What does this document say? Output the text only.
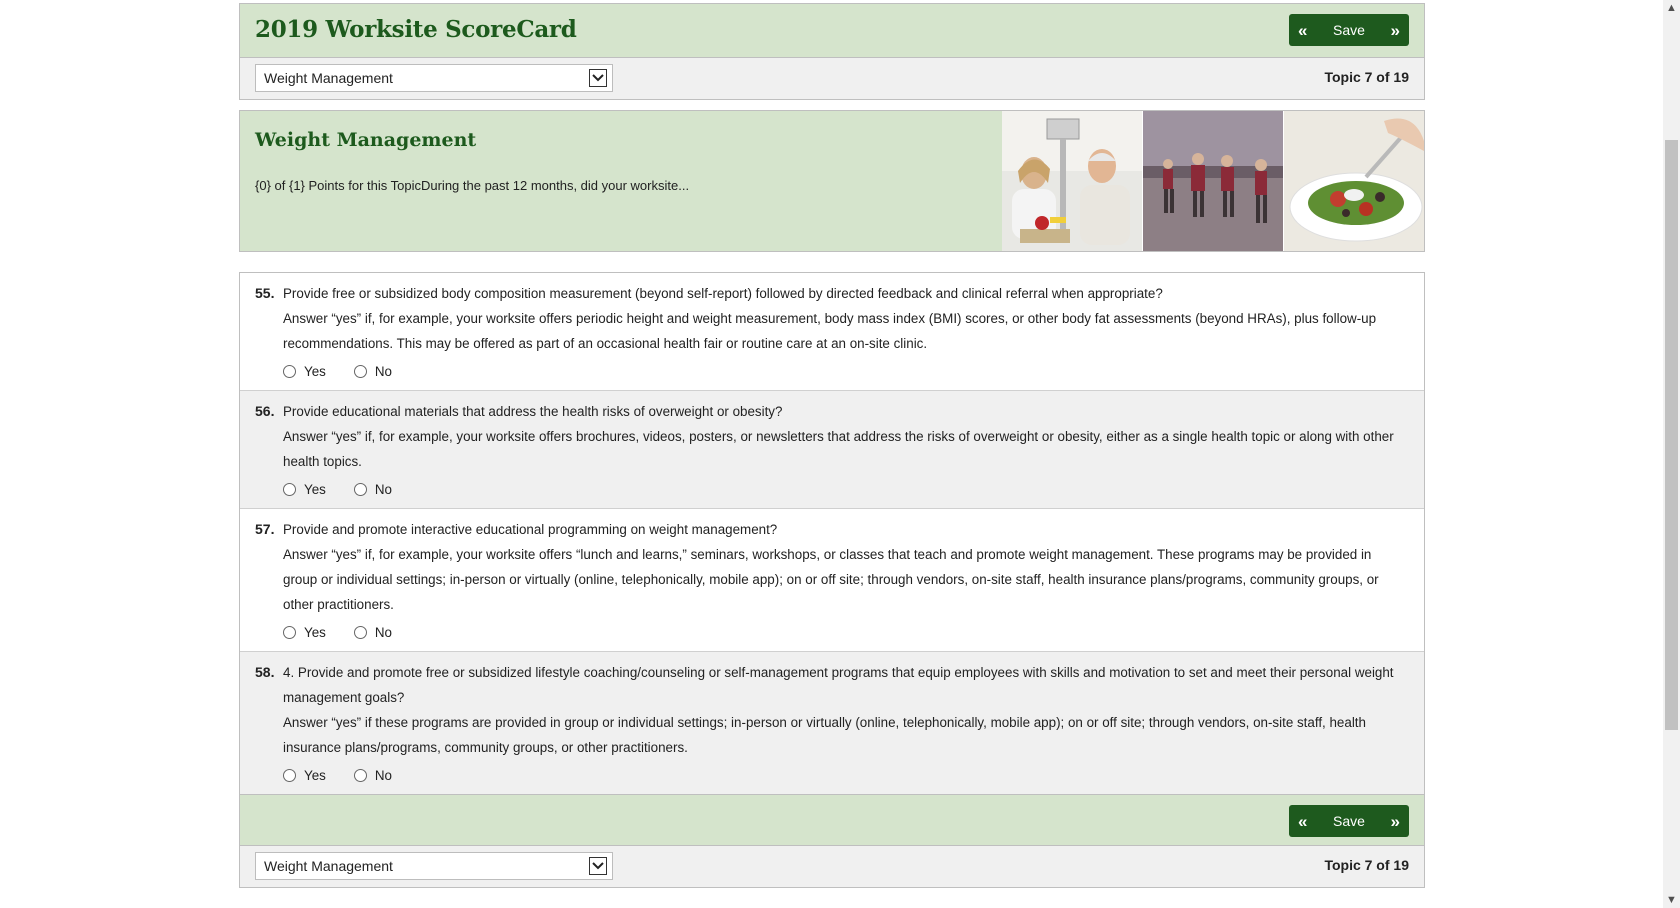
2019 Worksite ScoreCard	« Save »
Weight Management	Topic 7 of 19
Weight Management
{0} of {1} Points for this TopicDuring the past 12 months, did your worksite...
55. Provide free or subsidized body composition measurement (beyond self-report) followed by directed feedback and clinical referral when appropriate?
Answer “yes” if, for example, your worksite offers periodic height and weight measurement, body mass index (BMI) scores, or other body fat assessments (beyond HRAs), plus follow-up recommendations. This may be offered as part of an occasional health fair or routine care at an on-site clinic.
Yes	No
56. Provide educational materials that address the health risks of overweight or obesity?
Answer “yes” if, for example, your worksite offers brochures, videos, posters, or newsletters that address the risks of overweight or obesity, either as a single health topic or along with other health topics.
Yes	No
57. Provide and promote interactive educational programming on weight management?
Answer “yes” if, for example, your worksite offers “lunch and learns,” seminars, workshops, or classes that teach and promote weight management. These programs may be provided in group or individual settings; in-person or virtually (online, telephonically, mobile app); on or off site; through vendors, on-site staff, health insurance plans/programs, community groups, or other practitioners.
Yes	No
58. 4. Provide and promote free or subsidized lifestyle coaching/counseling or self-management programs that equip employees with skills and motivation to set and meet their personal weight management goals?
Answer “yes” if these programs are provided in group or individual settings; in-person or virtually (online, telephonically, mobile app); on or off site; through vendors, on-site staff, health insurance plans/programs, community groups, or other practitioners.
Yes	No
« Save »
Weight Management	Topic 7 of 19
▲
▼
